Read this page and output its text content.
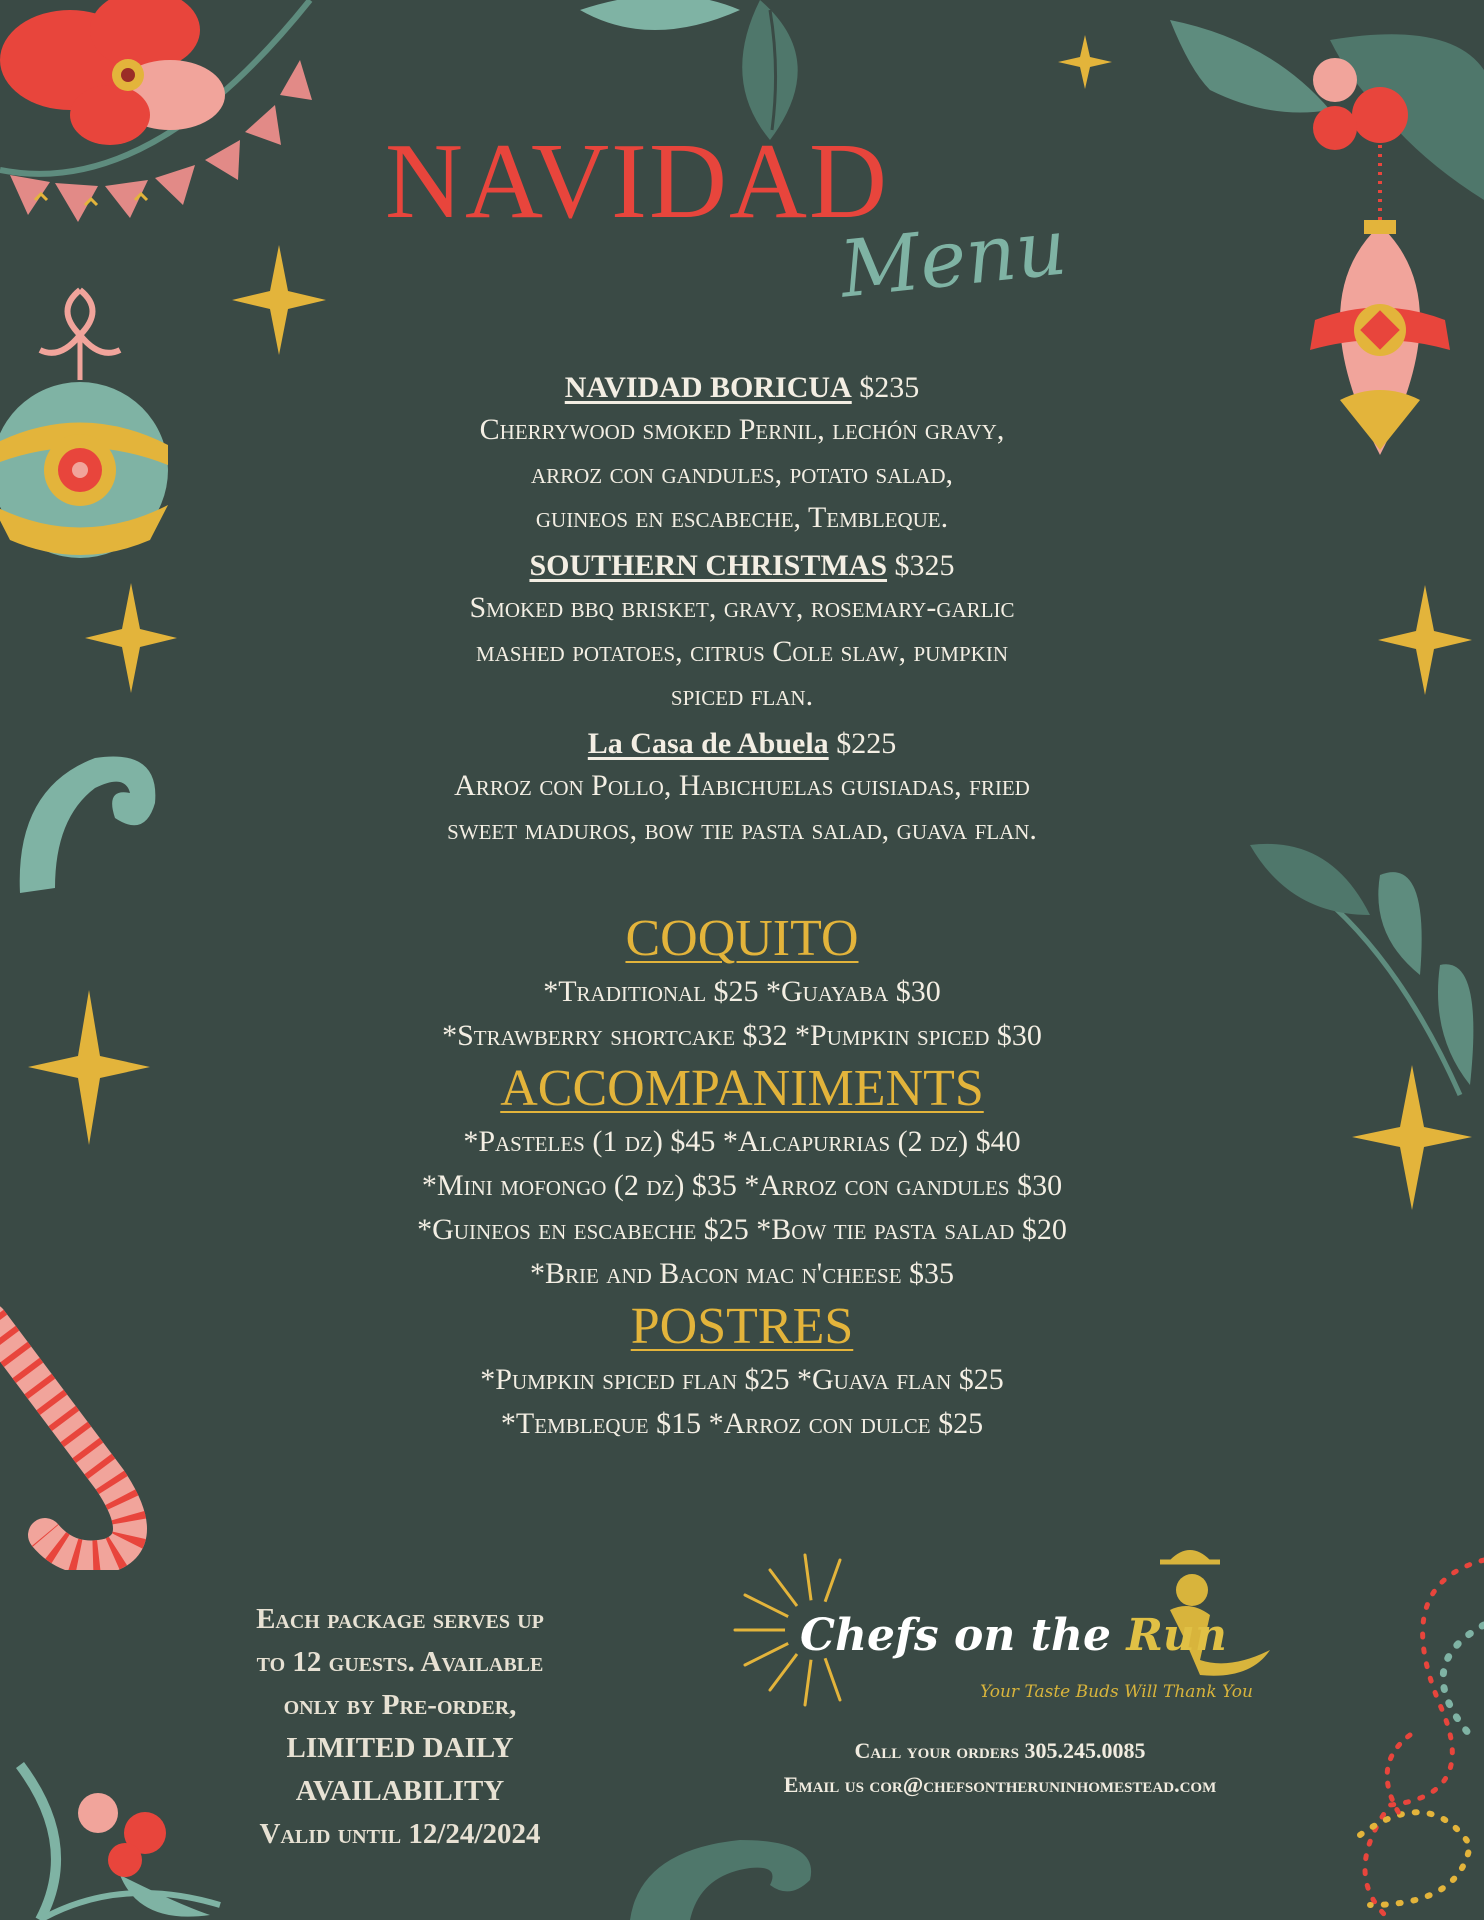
NAVIDAD
Menu

NAVIDAD BORICUA $235

Cherrywood smoked Pernil, lechón gravy,

arroz con gandules, potato salad,

guineos en escabeche, Tembleque.

SOUTHERN CHRISTMAS $325

Smoked bbq brisket, gravy, rosemary-garlic

mashed potatoes, citrus Cole slaw, pumpkin

spiced flan.

La Casa de Abuela $225

Arroz con Pollo, Habichuelas guisiadas, fried

sweet maduros, bow tie pasta salad, guava flan.

COQUITO

*Traditional $25 *Guayaba $30

*Strawberry shortcake $32 *Pumpkin spiced $30

ACCOMPANIMENTS

*Pasteles (1 dz) $45 *Alcapurrias (2 dz) $40

*Mini mofongo (2 dz) $35 *Arroz con gandules $30

*Guineos en escabeche $25 *Bow tie pasta salad $20

*Brie and Bacon mac n'cheese $35

POSTRES

*Pumpkin spiced flan $25 *Guava flan $25

*Tembleque $15 *Arroz con dulce $25

Each package serves up
to 12 guests. Available
only by Pre-order,
LIMITED DAILY
AVAILABILITY
Valid until 12/24/2024
Chefs on the Run
Your Taste Buds Will Thank You
Call your orders 305.245.0085
Email us cor@chefsontheruninhomestead.com
